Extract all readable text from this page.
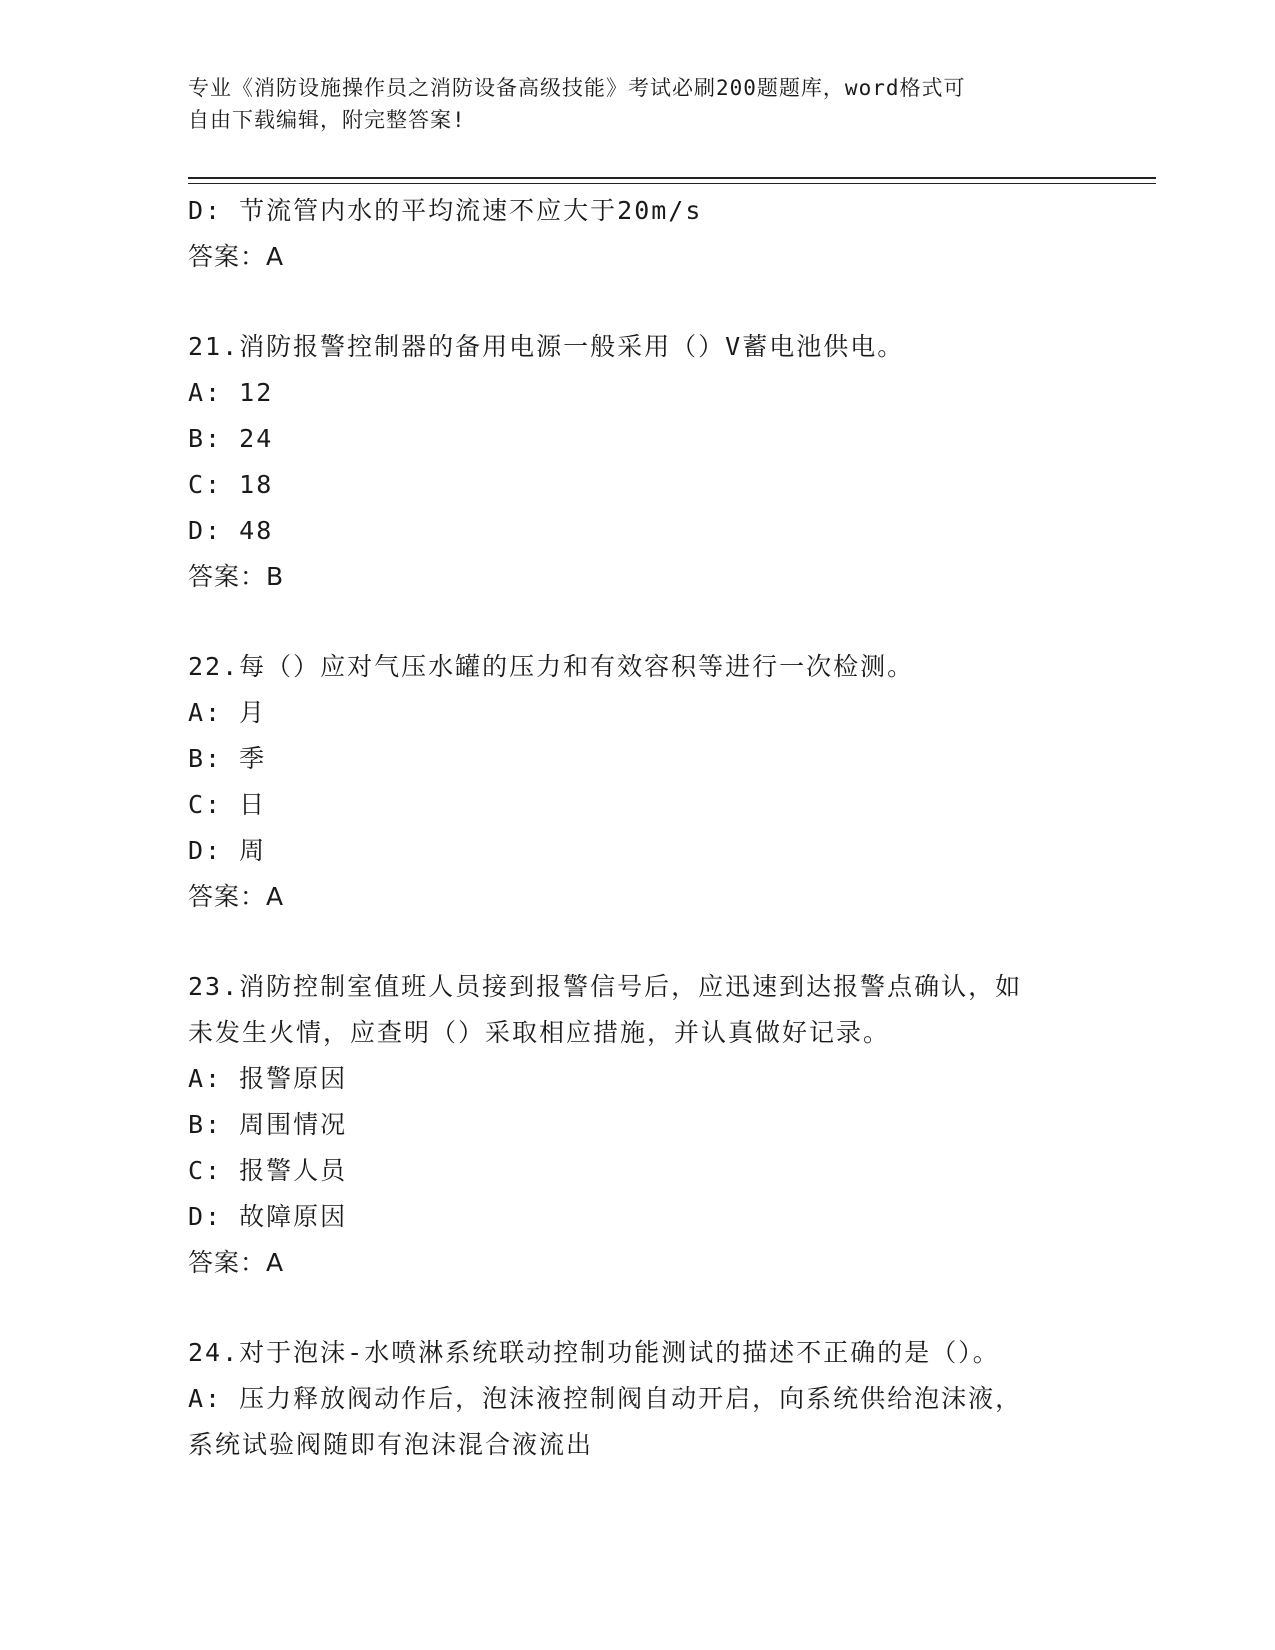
专业《消防设施操作员之消防设备高级技能》考试必刷200题题库，word格式可
自由下载编辑，附完整答案!
D: 节流管内水的平均流速不应大于20m/s
答案：A
21.消防报警控制器的备用电源一般采用（）V蓄电池供电。
A: 12
B: 24
C: 18
D: 48
答案：B
22.每（）应对气压水罐的压力和有效容积等进行一次检测。
A: 月
B: 季
C: 日
D: 周
答案：A
23.消防控制室值班人员接到报警信号后，应迅速到达报警点确认，如
未发生火情，应查明（）采取相应措施，并认真做好记录。
A: 报警原因
B: 周围情况
C: 报警人员
D: 故障原因
答案：A
24.对于泡沫-水喷淋系统联动控制功能测试的描述不正确的是（）。
A: 压力释放阀动作后，泡沫液控制阀自动开启，向系统供给泡沫液，
系统试验阀随即有泡沫混合液流出
